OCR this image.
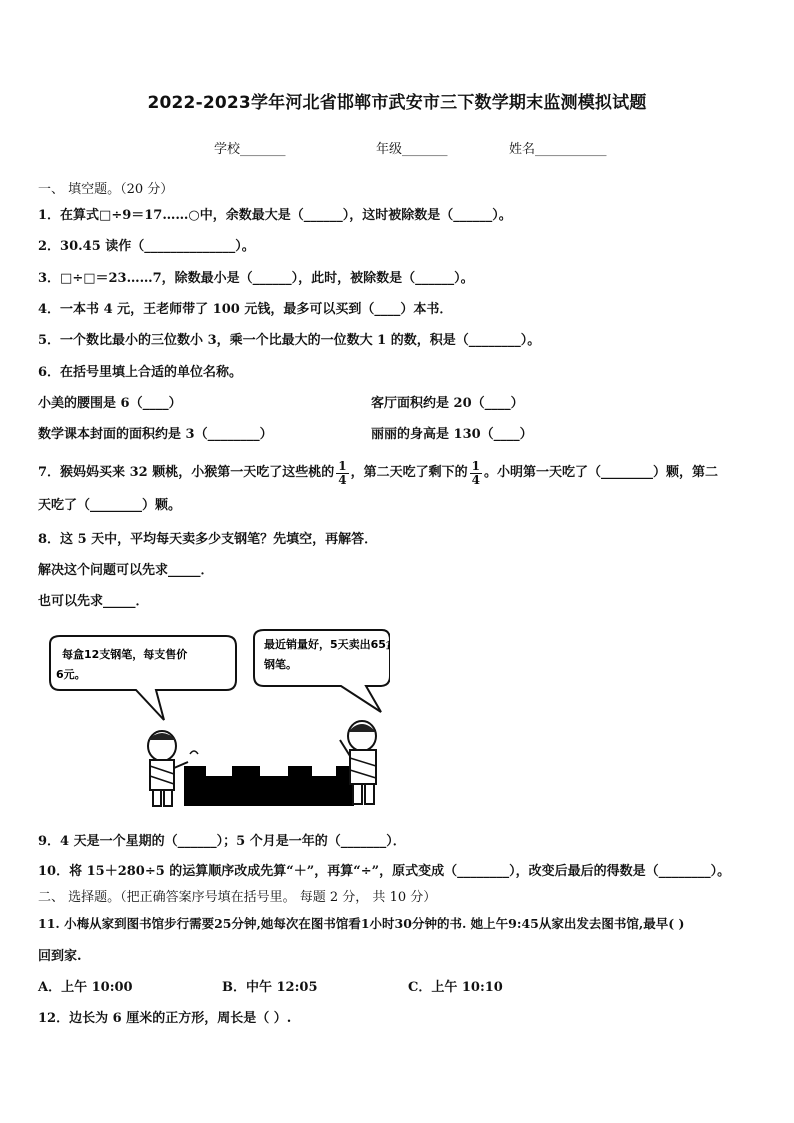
2022-2023学年河北省邯郸市武安市三下数学期末监测模拟试题
学校_______	年级_______	姓名___________
一、 填空题。（20 分）
1．在算式□÷9＝17……○中，余数最大是（______），这时被除数是（______）。
2．30.45 读作（______________）。
3．□÷□＝23……7，除数最小是（______），此时，被除数是（______）。
4．一本书 4 元，王老师带了 100 元钱，最多可以买到（____）本书．
5．一个数比最小的三位数小 3，乘一个比最大的一位数大 1 的数，积是（________）。
6．在括号里填上合适的单位名称。
小美的腰围是 6（____）	客厅面积约是 20（____）
数学课本封面的面积约是 3（________）	丽丽的身高是 130（____）
7．猴妈妈买来 32 颗桃，小猴第一天吃了这些桃的 $\frac{1}{4}$ ，第二天吃了剩下的 $\frac{1}{4}$ 。小明第一天吃了（________）颗，第二
天吃了（________）颗。
8．这 5 天中，平均每天卖多少支钢笔？先填空，再解答．
解决这个问题可以先求_____．
也可以先求_____．
每盒12支钢笔，每支售价
6元。
最近销量好，5天卖出65盒
钢笔。
9．4 天是一个星期的（______）；5 个月是一年的（_______）．
10．将 15＋280÷5 的运算顺序改成先算“＋”，再算“÷”，原式变成（________），改变后最后的得数是（________）。
二、 选择题。（把正确答案序号填在括号里。 每题 2 分， 共 10 分）
11. 小梅从家到图书馆步行需要25分钟,她每次在图书馆看1小时30分钟的书. 她上午9:45从家出发去图书馆,最早( )
回到家.
A．上午 10:00	B．中午 12:05	C．上午 10:10
12．边长为 6 厘米的正方形，周长是（ ）.
